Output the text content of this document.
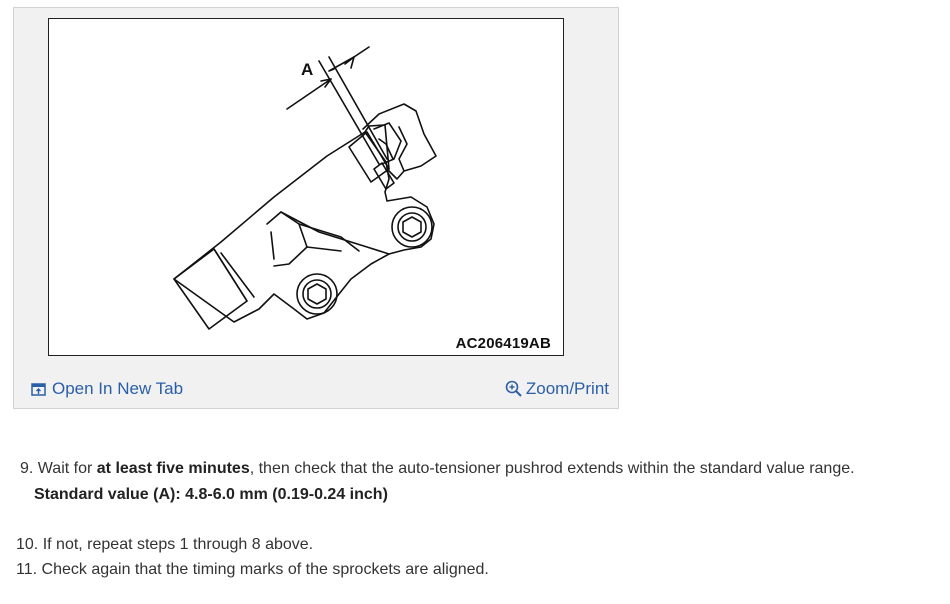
A
AC206419AB
Open In New Tab	Zoom/Print
9. Wait for at least five minutes, then check that the auto-tensioner pushrod extends within the standard value range.
Standard value (A): 4.8-6.0 mm (0.19-0.24 inch)
10. If not, repeat steps 1 through 8 above.
11. Check again that the timing marks of the sprockets are aligned.
